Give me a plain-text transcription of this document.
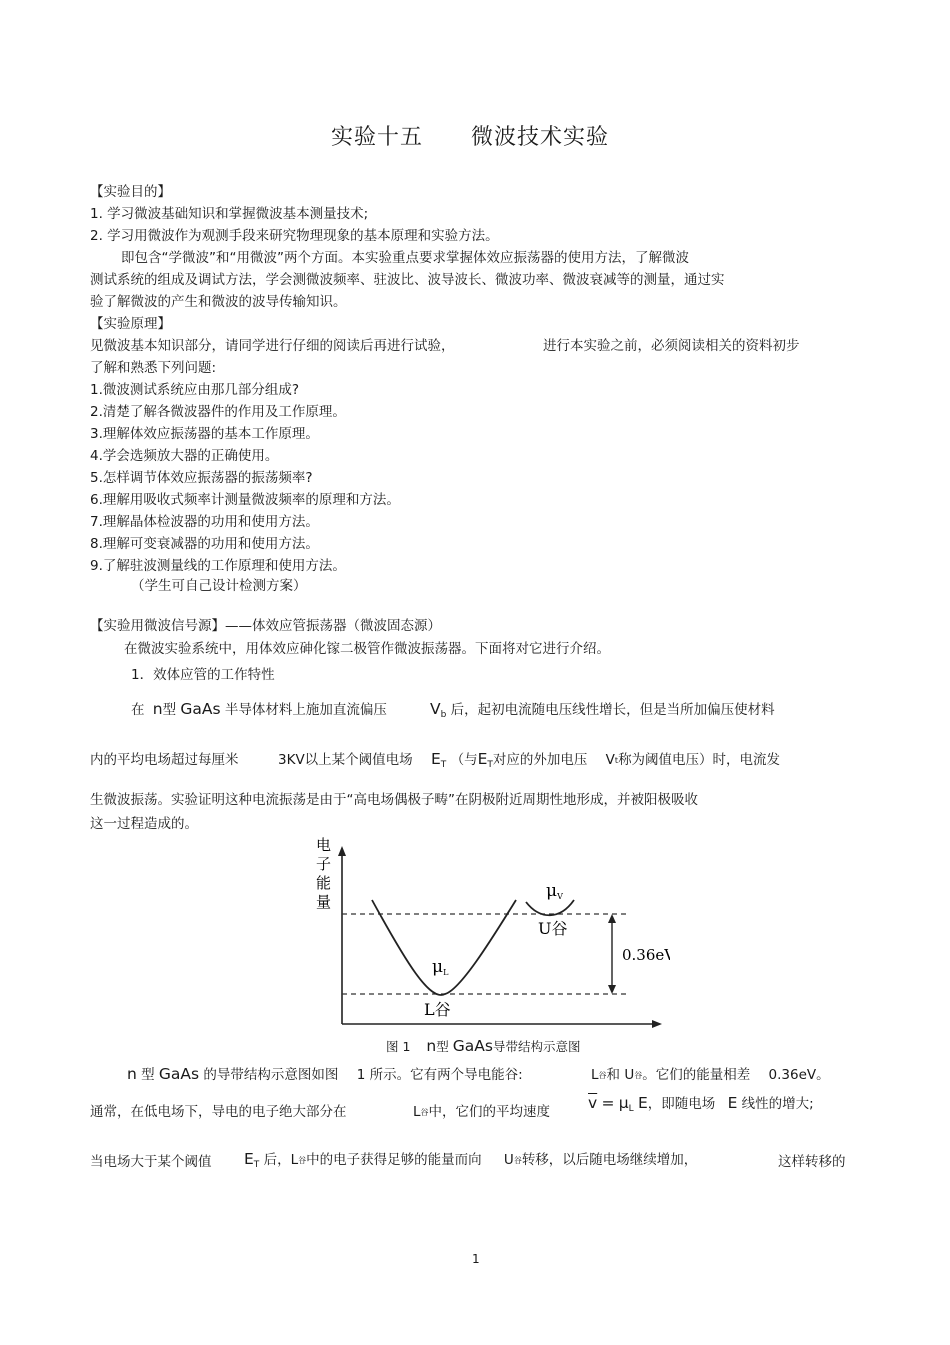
实验十五 微波技术实验
【实验目的】
1. 学习微波基础知识和掌握微波基本测量技术;
2. 学习用微波作为观测手段来研究物理现象的基本原理和实验方法。
即包含“学微波”和“用微波”两个方面。本实验重点要求掌握体效应振荡器的使用方法，了解微波
测试系统的组成及调试方法，学会测微波频率、驻波比、波导波长、微波功率、微波衰减等的测量，通过实
验了解微波的产生和微波的波导传输知识。
【实验原理】
见微波基本知识部分，请同学进行仔细的阅读后再进行试验，	进行本实验之前，必须阅读相关的资料初步
了解和熟悉下列问题:
1.微波测试系统应由那几部分组成?
2.清楚了解各微波器件的作用及工作原理。
3.理解体效应振荡器的基本工作原理。
4.学会选频放大器的正确使用。
5.怎样调节体效应振荡器的振荡频率?
6.理解用吸收式频率计测量微波频率的原理和方法。
7.理解晶体检波器的功用和使用方法。
8.理解可变衰减器的功用和使用方法。
9.了解驻波测量线的工作原理和使用方法。
（学生可自己设计检测方案）
【实验用微波信号源】——体效应管振荡器（微波固态源）
在微波实验系统中，用体效应砷化镓二极管作微波振荡器。下面将对它进行介绍。
1．效体应管的工作特性
在 n型 GaAs 半导体材料上施加直流偏压	$V_b$ 后，起初电流随电压线性增长，但是当所加偏压使材料
内的平均电场超过每厘米	3KV以上某个阈值电场 $E_T$ （与$E_T$对应的外加电压 Vt称为阈值电压）时，电流发
生微波振荡。实验证明这种电流振荡是由于“高电场偶极子畴”在阴极附近周期性地形成，并被阳极吸收
这一过程造成的。
电
子
能
量
μV
U谷
μL
L谷
0.36eV
图 1 n型 GaAs导带结构示意图
n 型 GaAs 的导带结构示意图如图 1 所示。它有两个导电能谷:	L谷和 U谷。它们的能量相差 0.36eV。
通常，在低电场下，导电的电子绝大部分在	L谷中，它们的平均速度 $\overline{v} = \mu_L$ E，即随电场 E 线性的增大;
当电场大于某个阈值 $E_T$ 后，L谷中的电子获得足够的能量而向 U谷转移，以后随电场继续增加，	这样转移的
1
